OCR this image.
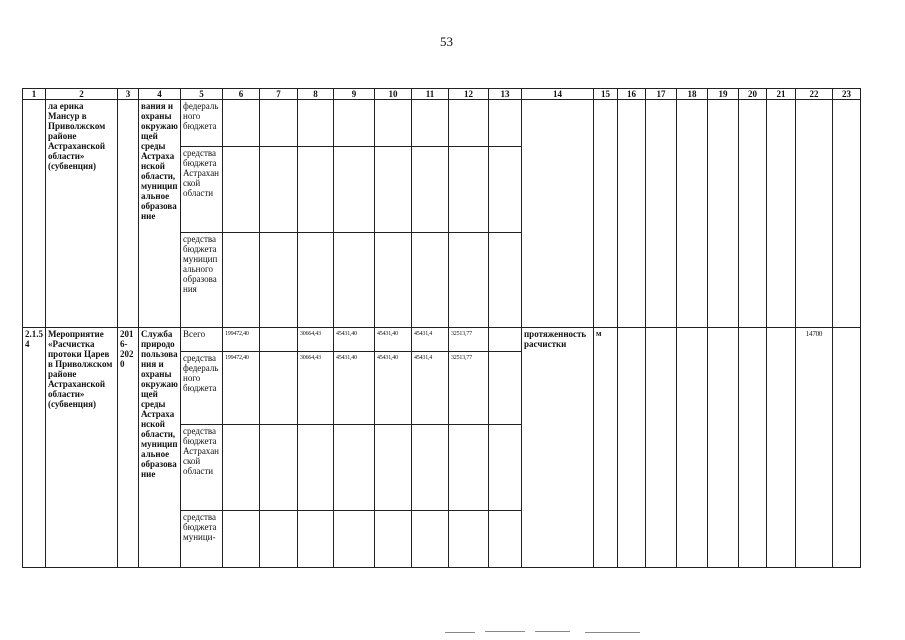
53
1	2	3	4	5	6	7	8	9	10	11	12	13	14	15	16	17	18	19	20	21	22	23
	ла ерика Мансур в Приволжском районе Астраханской области» (субвенция)		вания и охраны окружающей среды Астраханской области, муниципальное образование	федерального бюджета																		
				средства бюджета Астраханской области																		
				средства бюджета муниципального образования																		
2.1.54	Мероприятие «Расчистка протоки Царев в Приволжском районе Астраханской области» (субвенция)	2016-2020	Служба природопользования и охраны окружающей среды Астраханской области, муниципальное образование	Всего	199472,40		30664,43	45431,40	45431,40	45431,4	32513,77		протяженность расчистки	м							14700	
				средства федерального бюджета	199472,40		30664,43	45431,40	45431,40	45431,4	32513,77											
				средства бюджета Астраханской области																		
				средства бюджета муници-																		
